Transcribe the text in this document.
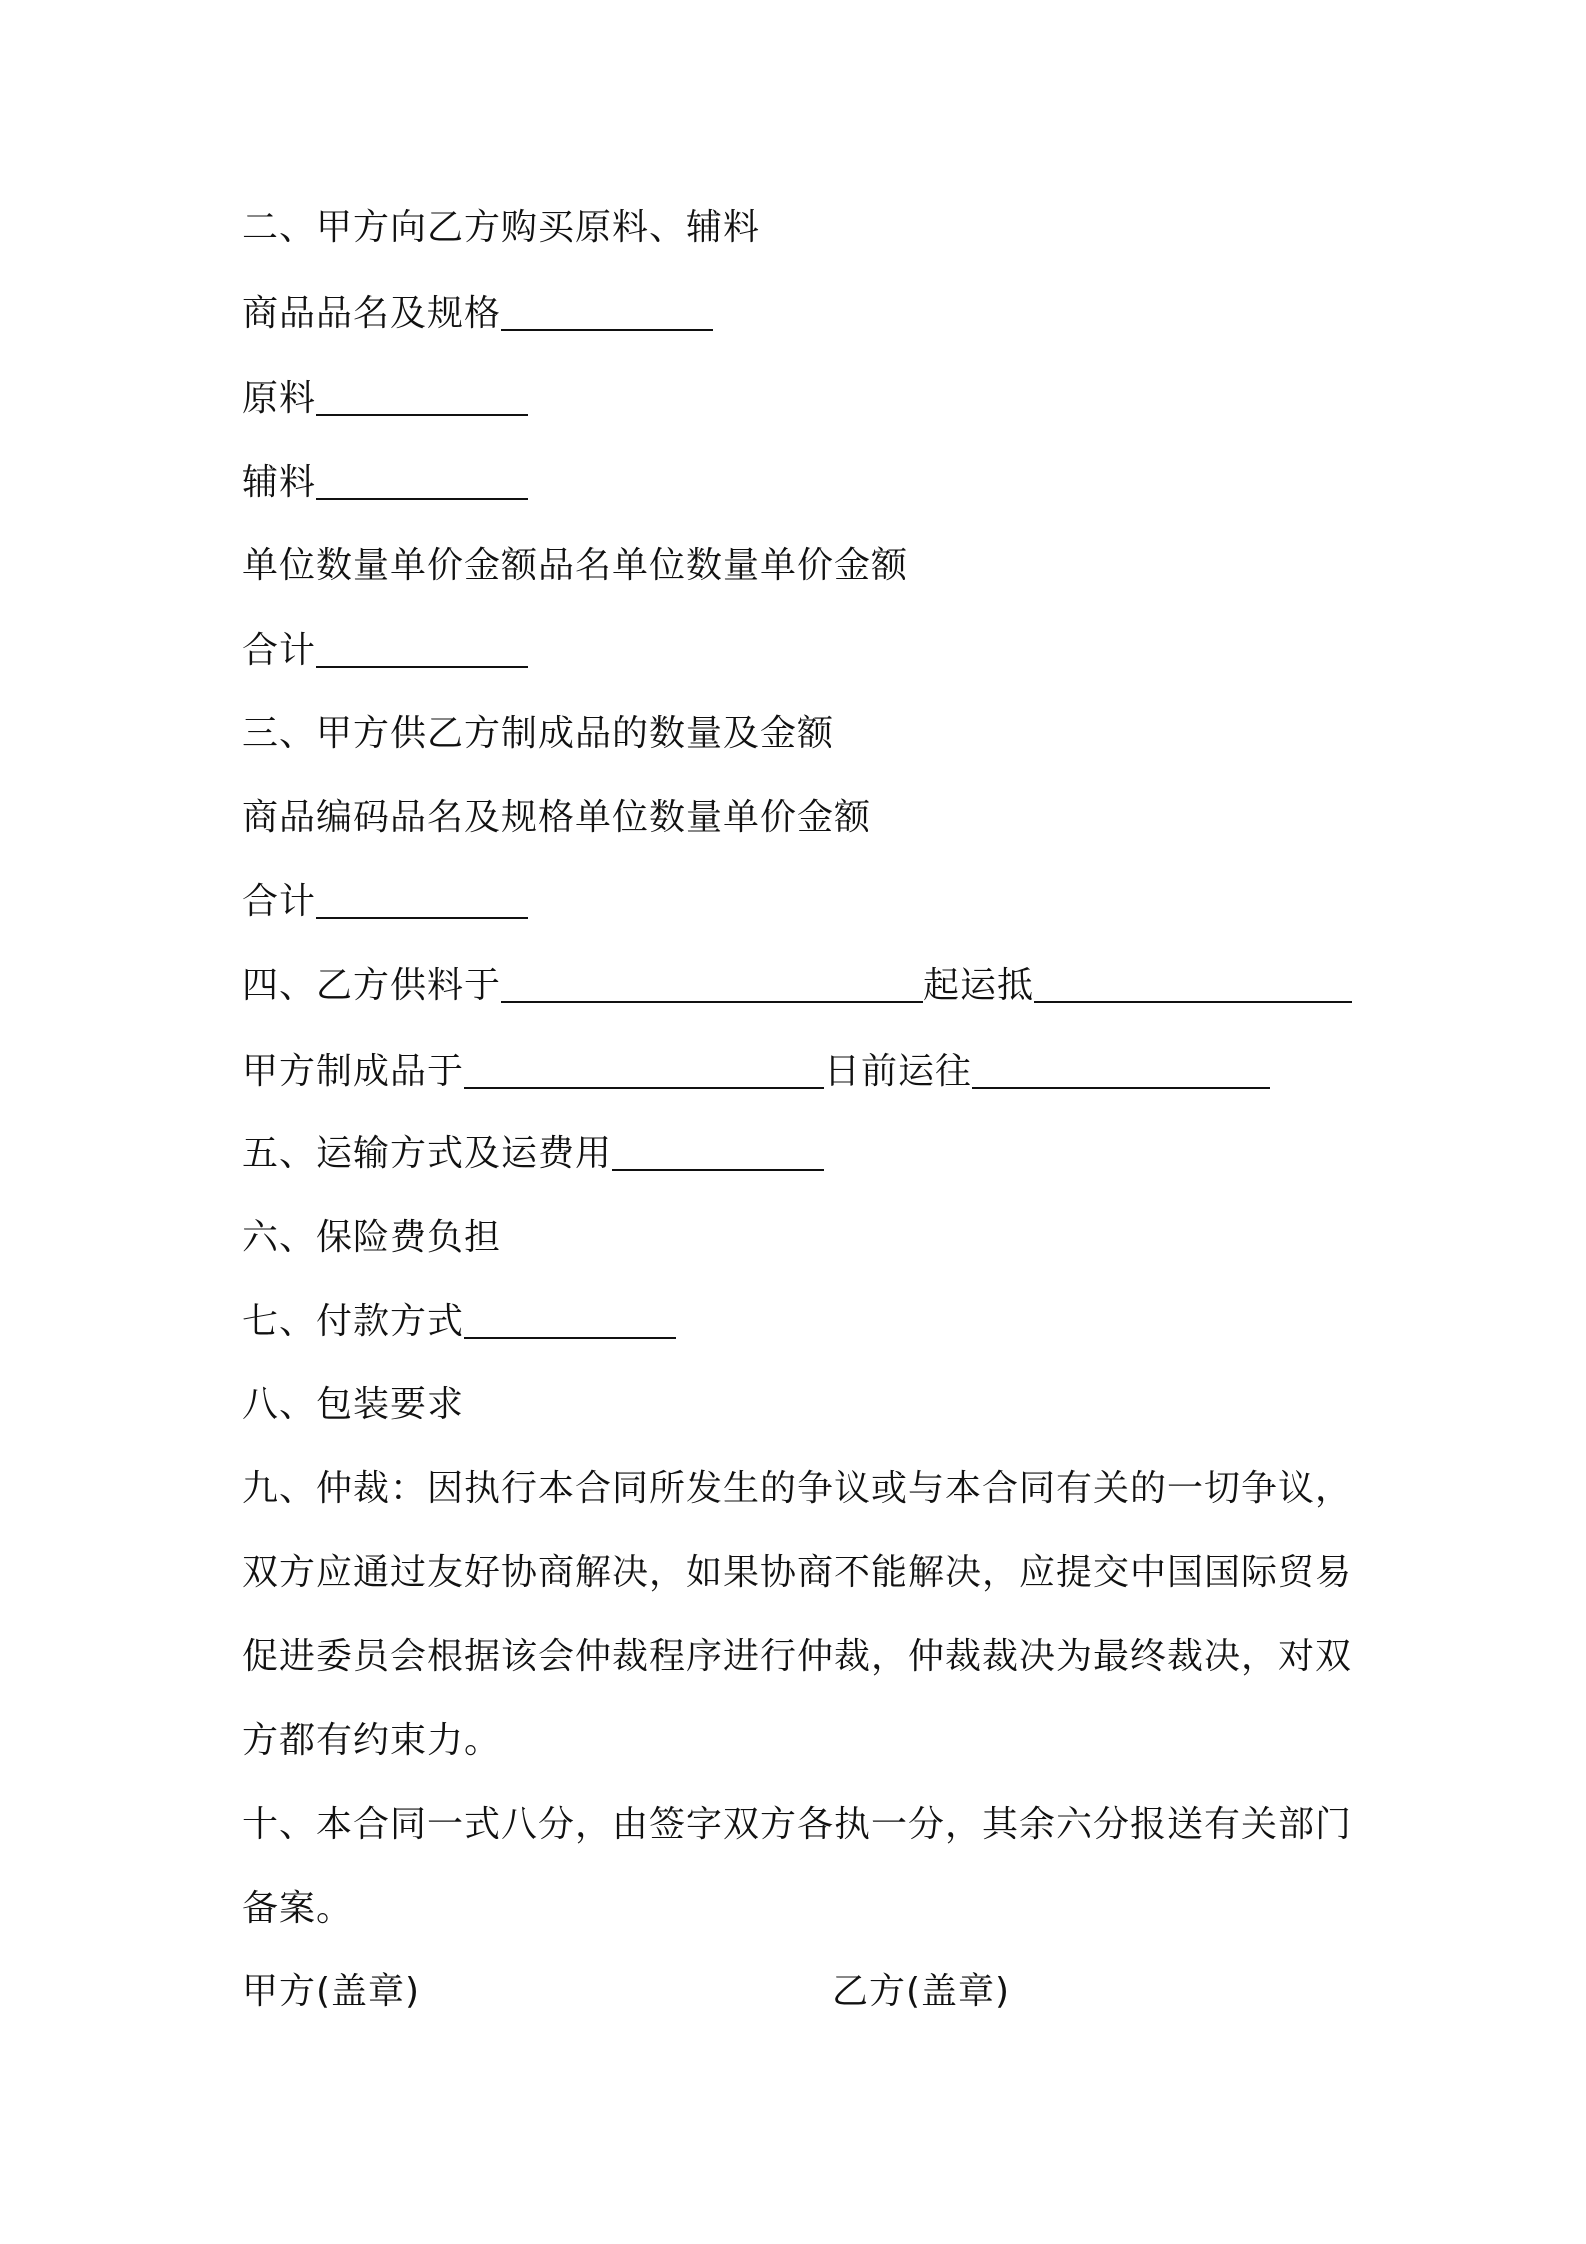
二、甲方向乙方购买原料、辅料
商品品名及规格
原料
辅料
单位数量单价金额品名单位数量单价金额
合计
三、甲方供乙方制成品的数量及金额
商品编码品名及规格单位数量单价金额
合计
四、乙方供料于	起运抵
甲方制成品于	日前运往
五、运输方式及运费用
六、保险费负担
七、付款方式
八、包装要求
九、仲裁：因执行本合同所发生的争议或与本合同有关的一切争议，
双方应通过友好协商解决，如果协商不能解决，应提交中国国际贸易
促进委员会根据该会仲裁程序进行仲裁，仲裁裁决为最终裁决，对双
方都有约束力。
十、本合同一式八分，由签字双方各执一分，其余六分报送有关部门
备案。
甲方(盖章)	乙方(盖章)
